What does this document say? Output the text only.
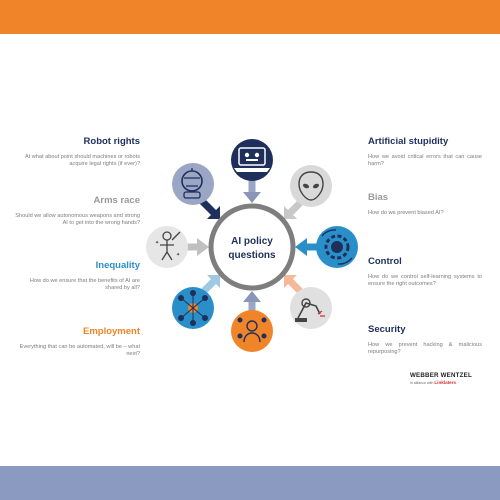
AI policy
questions
✦
✦
Robot rights
At what about point should machines or robots acquire legal rights (if ever)?
Arms race
Should we allow autonomous weapons and strong AI to get into the wrong hands?
Inequality
How do we ensure that the benefits of AI are shared by all?
Employment
Everything that can be automated, will be – what next?
Artificial stupidity
How we avoid critical errors that can cause harm?
Bias
How do we prevent biased AI?
Control
How do we control self-learning systems to ensure the right outcomes?
Security
How we prevent hacking & malicious repurposing?
WEBBER WENTZEL
in alliance with Linklaters
